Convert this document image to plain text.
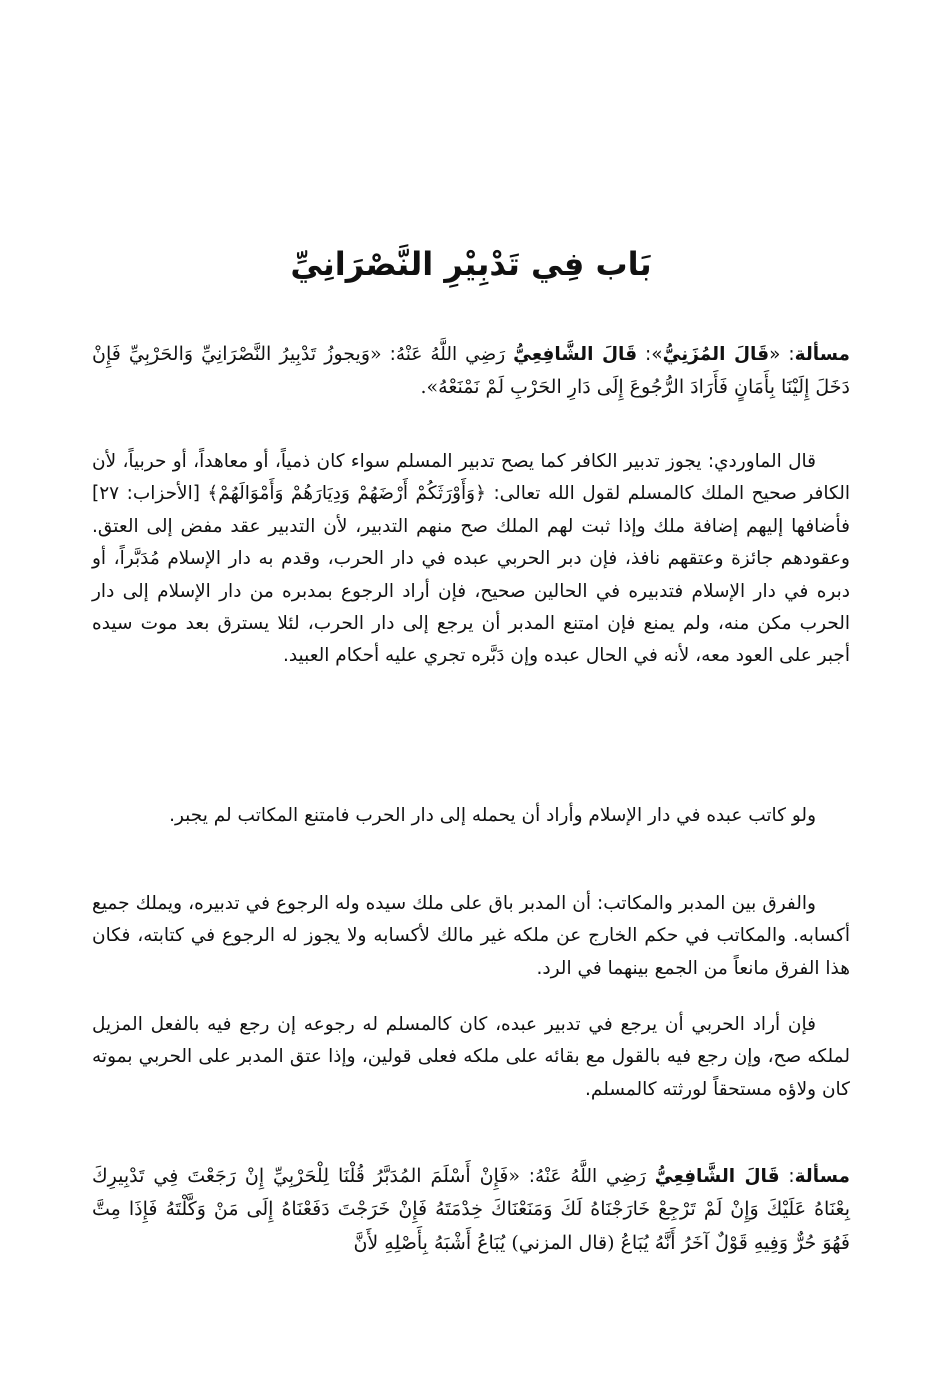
بَاب فِي تَدْبِيْرِ النَّصْرَانِيِّ

مسألة: «قَالَ المُزَنِيُّ»: قَالَ الشَّافِعِيُّ رَضِي اللَّهُ عَنْهُ: «وَيجوزُ تَدْبِيرُ النَّصْرَانِيِّ وَالحَرْبِيِّ فَإِنْ دَخَلَ إِلَيْنَا بِأَمَانٍ فَأَرَادَ الرُّجُوعَ إِلَى دَارِ الحَرْبِ لَمْ نَمْنَعْهُ».

قال الماوردي: يجوز تدبير الكافر كما يصح تدبير المسلم سواء كان ذمياً، أو معاهداً، أو حربياً، لأن الكافر صحيح الملك كالمسلم لقول الله تعالى: ﴿وَأَوْرَثَكُمْ أَرْضَهُمْ وَدِيَارَهُمْ وَأَمْوَالَهُمْ﴾ [الأحزاب: ٢٧] فأضافها إليهم إضافة ملك وإذا ثبت لهم الملك صح منهم التدبير، لأن التدبير عقد مفض إلى العتق. وعقودهم جائزة وعتقهم نافذ، فإن دبر الحربي عبده في دار الحرب، وقدم به دار الإسلام مُدَبَّراً، أو دبره في دار الإسلام فتدبيره في الحالين صحيح، فإن أراد الرجوع بمدبره من دار الإسلام إلى دار الحرب مكن منه، ولم يمنع فإن امتنع المدبر أن يرجع إلى دار الحرب، لئلا يسترق بعد موت سيده أجبر على العود معه، لأنه في الحال عبده وإن دَبَّره تجري عليه أحكام العبيد.

ولو كاتب عبده في دار الإسلام وأراد أن يحمله إلى دار الحرب فامتنع المكاتب لم يجبر.

والفرق بين المدبر والمكاتب: أن المدبر باق على ملك سيده وله الرجوع في تدبيره، ويملك جميع أكسابه. والمكاتب في حكم الخارج عن ملكه غير مالك لأكسابه ولا يجوز له الرجوع في كتابته، فكان هذا الفرق مانعاً من الجمع بينهما في الرد.

فإن أراد الحربي أن يرجع في تدبير عبده، كان كالمسلم له رجوعه إن رجع فيه بالفعل المزيل لملكه صح، وإن رجع فيه بالقول مع بقائه على ملكه فعلى قولين، وإذا عتق المدبر على الحربي بموته كان ولاؤه مستحقاً لورثته كالمسلم.

مسألة: قَالَ الشَّافِعِيُّ رَضِي اللَّهُ عَنْهُ: «فَإِنْ أَسْلَمَ المُدَبَّرُ قُلْنَا لِلْحَرْبِيِّ إِنْ رَجَعْتَ فِي تَدْبِيرِكَ بِعْنَاهُ عَلَيْكَ وَإِنْ لَمْ تَرْجِعْ خَارَجْنَاهُ لَكَ وَمَنَعْنَاكَ خِدْمَتَهُ فَإِنْ خَرَجْتَ دَفَعْنَاهُ إِلَى مَنْ وَكَّلْتَهُ فَإِذَا مِتَّ فَهُوَ حُرٌّ وَفِيهِ قَوْلٌ آخَرُ أَنَّهُ يُبَاعُ (قال المزني) يُبَاعُ أَشْبَهُ بِأَصْلِهِ لأَنَّ
